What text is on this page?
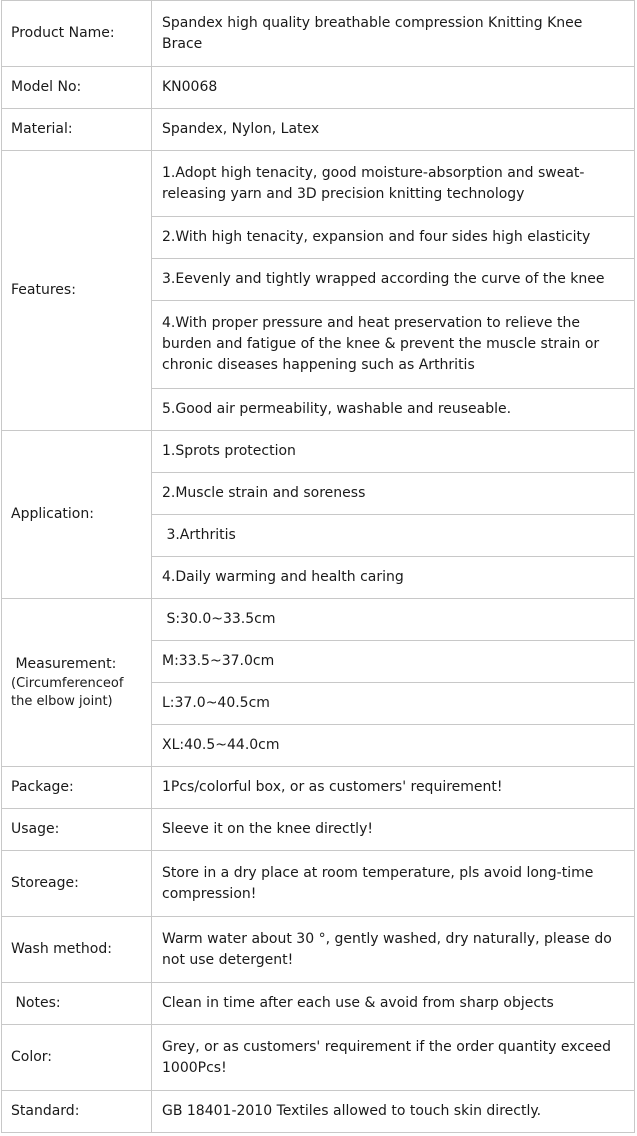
Product Name:	Spandex high quality breathable compression Knitting Knee Brace
Model No:	KN0068
Material:	Spandex, Nylon, Latex
Features:	1.Adopt high tenacity, good moisture-absorption and sweat-releasing yarn and 3D precision knitting technology
	2.With high tenacity, expansion and four sides high elasticity
	3.Eevenly and tightly wrapped according the curve of the knee
	4.With proper pressure and heat preservation to relieve the burden and fatigue of the knee & prevent the muscle strain or chronic diseases happening such as Arthritis
	5.Good air permeability, washable and reuseable.
Application:	1.Sprots protection
	2.Muscle strain and soreness
	3.Arthritis
	4.Daily warming and health caring

Measurement:
(Circumferenceof the elbow joint)	S:30.0~33.5cm
	M:33.5~37.0cm
	L:37.0~40.5cm
	XL:40.5~44.0cm
Package:	1Pcs/colorful box, or as customers' requirement!
Usage:	Sleeve it on the knee directly!
Storeage:	Store in a dry place at room temperature, pls avoid long-time compression!
Wash method:	Warm water about 30 °, gently washed, dry naturally, please do not use detergent!
Notes:	Clean in time after each use & avoid from sharp objects
Color:	Grey, or as customers' requirement if the order quantity exceed 1000Pcs!
Standard:	GB 18401-2010 Textiles allowed to touch skin directly.
